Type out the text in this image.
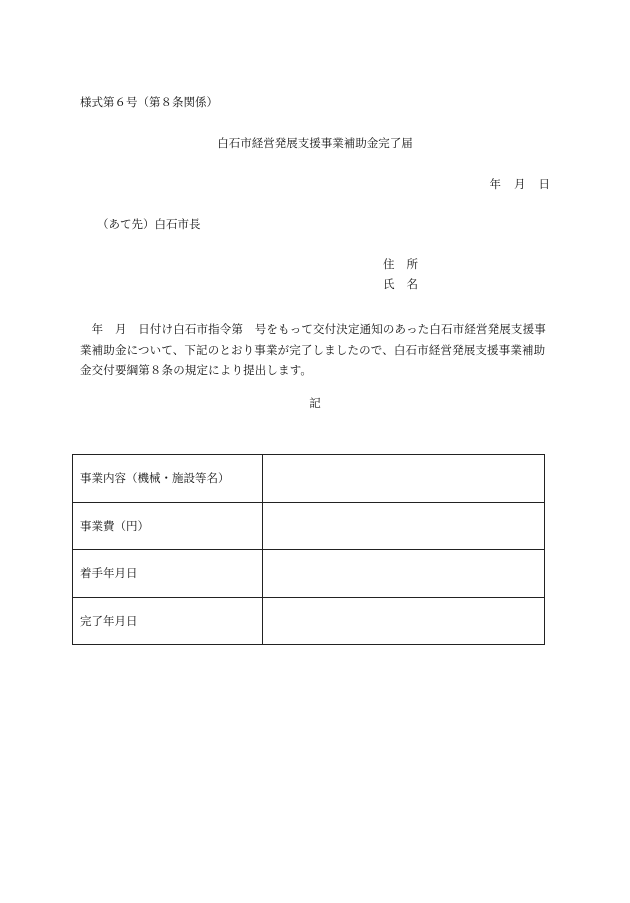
様式第６号（第８条関係）
白石市経営発展支援事業補助金完了届
年 月 日
（あて先）白石市長
住 所
氏 名

　年　月　日付け白石市指令第　号をもって交付決定通知のあった白石市経営発展支援事

業補助金について、下記のとおり事業が完了しましたので、白石市経営発展支援事業補助

金交付要綱第８条の規定により提出します。

記
事業内容（機械・施設等名）	
事業費（円）	
着手年月日	
完了年月日	
